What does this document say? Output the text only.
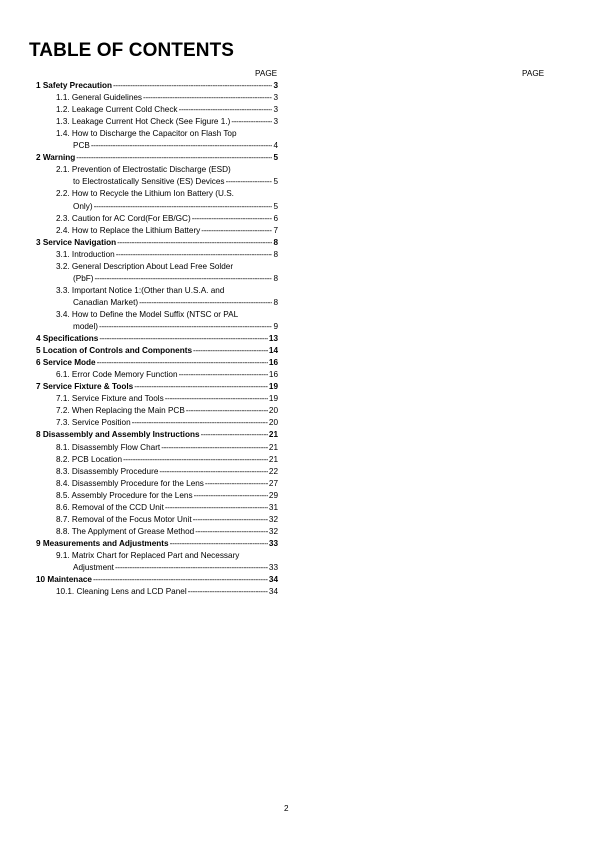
TABLE OF CONTENTS
PAGE	PAGE
1 Safety Precaution -----	3
1.1. General Guidelines -----	3
1.2. Leakage Current Cold Check -----	3
1.3. Leakage Current Hot Check (See Figure 1.) -----	3
1.4. How to Discharge the Capacitor on Flash Top
PCB -----	4
2 Warning -----	5
2.1. Prevention of Electrostatic Discharge (ESD)
to Electrostatically Sensitive (ES) Devices -----	5
2.2. How to Recycle the Lithium Ion Battery (U.S.
Only) -----	5
2.3. Caution for AC Cord(For EB/GC) -----	6
2.4. How to Replace the Lithium Battery -----	7
3 Service Navigation -----	8
3.1. Introduction -----	8
3.2. General Description About Lead Free Solder
(PbF) -----	8
3.3. Important Notice 1:(Other than U.S.A. and
Canadian Market) -----	8
3.4. How to Define the Model Suffix (NTSC or PAL
model) -----	9
4 Specifications -----	13
5 Location of Controls and Components -----	14
6 Service Mode -----	16
6.1. Error Code Memory Function -----	16
7 Service Fixture & Tools -----	19
7.1. Service Fixture and Tools -----	19
7.2. When Replacing the Main PCB -----	20
7.3. Service Position -----	20
8 Disassembly and Assembly Instructions -----	21
8.1. Disassembly Flow Chart -----	21
8.2. PCB Location -----	21
8.3. Disassembly Procedure -----	22
8.4. Disassembly Procedure for the Lens -----	27
8.5. Assembly Procedure for the Lens -----	29
8.6. Removal of the CCD Unit -----	31
8.7. Removal of the Focus Motor Unit -----	32
8.8. The Applyment of Grease Method -----	32
9 Measurements and Adjustments -----	33
9.1. Matrix Chart for Replaced Part and Necessary
Adjustment -----	33
10 Maintenace -----	34
10.1. Cleaning Lens and LCD Panel -----	34
2
